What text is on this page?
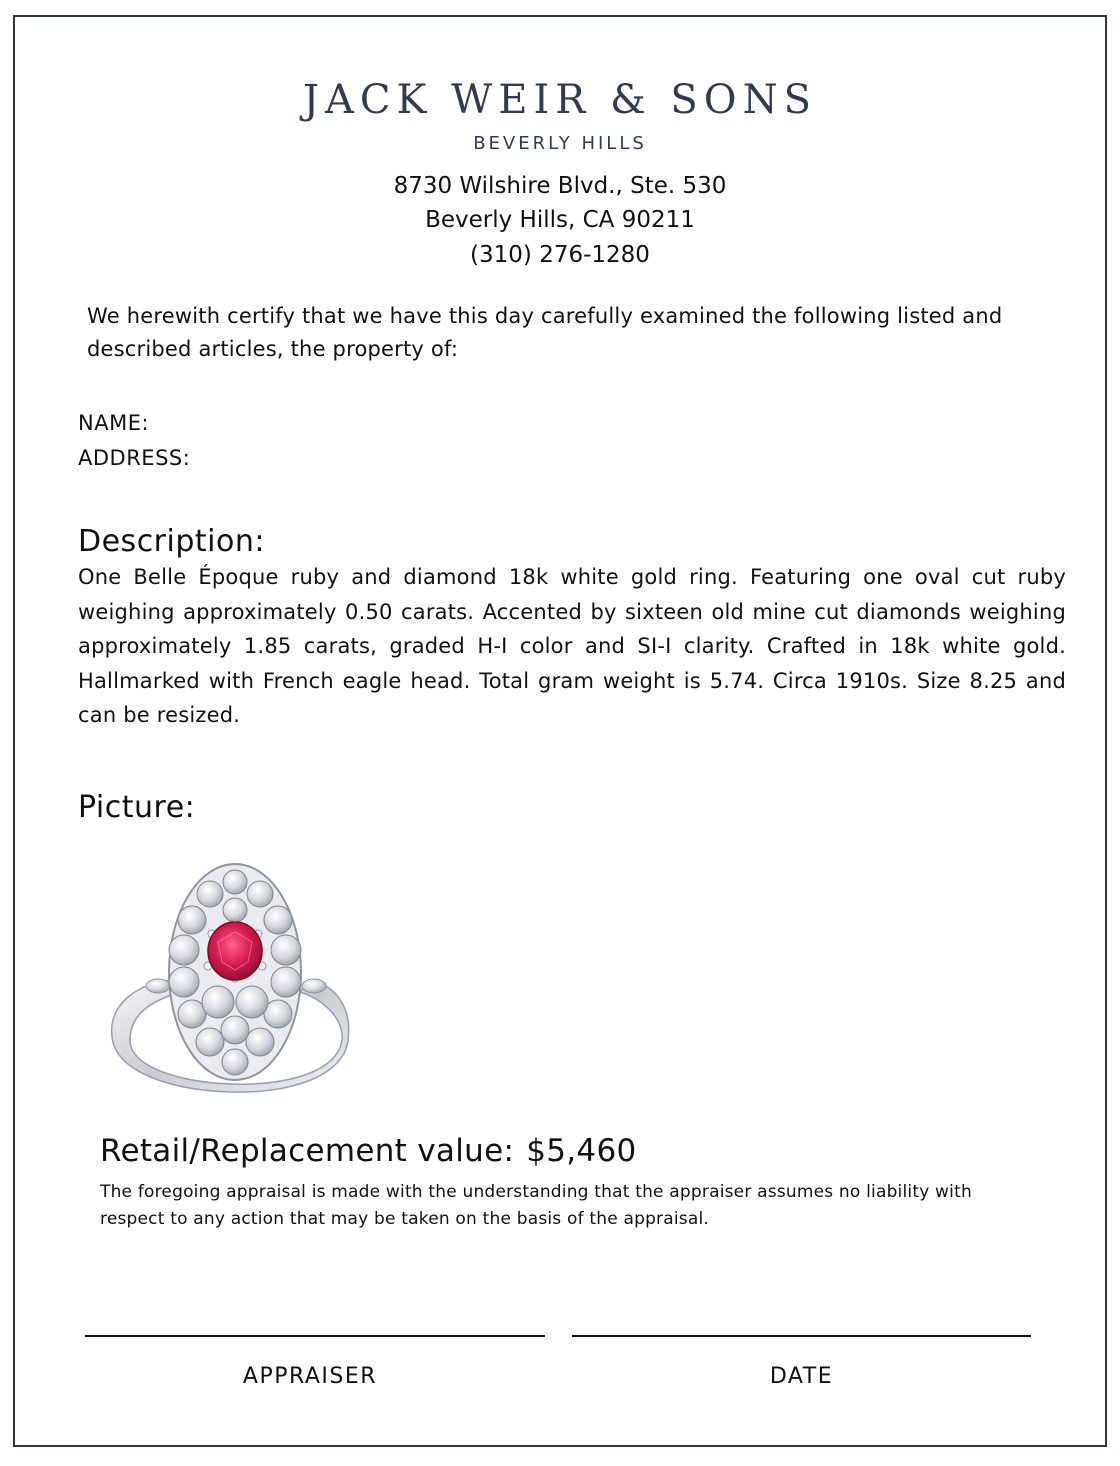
JACK WEIR & SONS
BEVERLY HILLS
8730 Wilshire Blvd., Ste. 530
Beverly Hills, CA 90211
(310) 276-1280
We herewith certify that we have this day carefully examined the following listed and described articles, the property of:
NAME:
ADDRESS:
Description:
One Belle Époque ruby and diamond 18k white gold ring. Featuring one oval cut ruby weighing approximately 0.50 carats. Accented by sixteen old mine cut diamonds weighing approximately 1.85 carats, graded H-I color and SI-I clarity. Crafted in 18k white gold. Hallmarked with French eagle head. Total gram weight is 5.74. Circa 1910s. Size 8.25 and can be resized.
Picture:
Retail/Replacement value: $5,460
The foregoing appraisal is made with the understanding that the appraiser assumes no liability with respect to any action that may be taken on the basis of the appraisal.
APPRAISER	DATE
